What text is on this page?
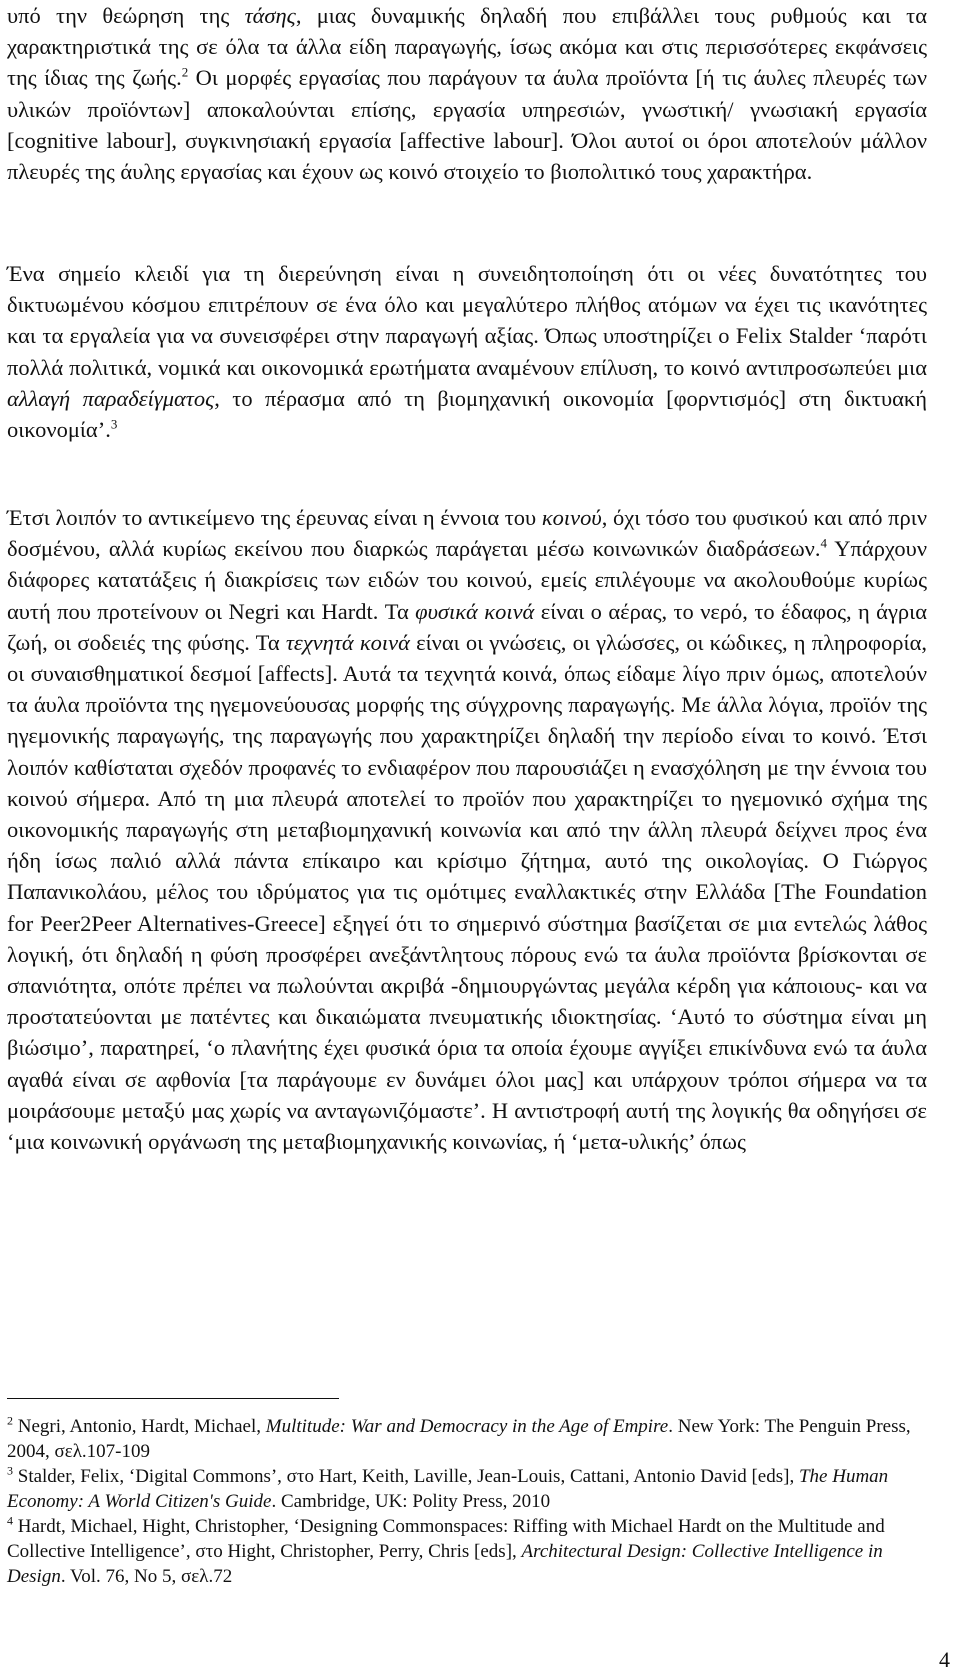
υπό την θεώρηση της τάσης, μιας δυναμικής δηλαδή που επιβάλλει τους ρυθμούς και τα χαρακτηριστικά της σε όλα τα άλλα είδη παραγωγής, ίσως ακόμα και στις περισσότερες εκφάνσεις της ίδιας της ζωής.$^2$ Οι μορφές εργασίας που παράγουν τα άυλα προϊόντα [ή τις άυλες πλευρές των υλικών προϊόντων] αποκαλούνται επίσης, εργασία υπηρεσιών, γνωστική/ γνωσιακή εργασία [cognitive labour], συγκινησιακή εργασία [affective labour]. Όλοι αυτοί οι όροι αποτελούν μάλλον πλευρές της άυλης εργασίας και έχουν ως κοινό στοιχείο το βιοπολιτικό τους χαρακτήρα.

Ένα σημείο κλειδί για τη διερεύνηση είναι η συνειδητοποίηση ότι οι νέες δυνατότητες του δικτυωμένου κόσμου επιτρέπουν σε ένα όλο και μεγαλύτερο πλήθος ατόμων να έχει τις ικανότητες και τα εργαλεία για να συνεισφέρει στην παραγωγή αξίας. Όπως υποστηρίζει ο Felix Stalder ‘παρότι πολλά πολιτικά, νομικά και οικονομικά ερωτήματα αναμένουν επίλυση, το κοινό αντιπροσωπεύει μια αλλαγή παραδείγματος, το πέρασμα από τη βιομηχανική οικονομία [φορντισμός] στη δικτυακή οικονομία’.$^3$

Έτσι λοιπόν το αντικείμενο της έρευνας είναι η έννοια του κοινού, όχι τόσο του φυσικού και από πριν δοσμένου, αλλά κυρίως εκείνου που διαρκώς παράγεται μέσω κοινωνικών διαδράσεων.$^4$ Υπάρχουν διάφορες κατατάξεις ή διακρίσεις των ειδών του κοινού, εμείς επιλέγουμε να ακολουθούμε κυρίως αυτή που προτείνουν οι Negri και Hardt. Τα φυσικά κοινά είναι ο αέρας, το νερό, το έδαφος, η άγρια ζωή, οι σοδειές της φύσης. Τα τεχνητά κοινά είναι οι γνώσεις, οι γλώσσες, οι κώδικες, η πληροφορία, οι συναισθηματικοί δεσμοί [affects]. Αυτά τα τεχνητά κοινά, όπως είδαμε λίγο πριν όμως, αποτελούν τα άυλα προϊόντα της ηγεμονεύουσας μορφής της σύγχρονης παραγωγής. Με άλλα λόγια, προϊόν της ηγεμονικής παραγωγής, της παραγωγής που χαρακτηρίζει δηλαδή την περίοδο είναι το κοινό. Έτσι λοιπόν καθίσταται σχεδόν προφανές το ενδιαφέρον που παρουσιάζει η ενασχόληση με την έννοια του κοινού σήμερα. Από τη μια πλευρά αποτελεί το προϊόν που χαρακτηρίζει το ηγεμονικό σχήμα της οικονομικής παραγωγής στη μεταβιομηχανική κοινωνία και από την άλλη πλευρά δείχνει προς ένα ήδη ίσως παλιό αλλά πάντα επίκαιρο και κρίσιμο ζήτημα, αυτό της οικολογίας. Ο Γιώργος Παπανικολάου, μέλος του ιδρύματος για τις ομότιμες εναλλακτικές στην Ελλάδα [The Foundation for Peer2Peer Alternatives-Greece] εξηγεί ότι το σημερινό σύστημα βασίζεται σε μια εντελώς λάθος λογική, ότι δηλαδή η φύση προσφέρει ανεξάντλητους πόρους ενώ τα άυλα προϊόντα βρίσκονται σε σπανιότητα, οπότε πρέπει να πωλούνται ακριβά -δημιουργώντας μεγάλα κέρδη για κάποιους- και να προστατεύονται με πατέντες και δικαιώματα πνευματικής ιδιοκτησίας. ‘Αυτό το σύστημα είναι μη βιώσιμο’, παρατηρεί, ‘ο πλανήτης έχει φυσικά όρια τα οποία έχουμε αγγίξει επικίνδυνα ενώ τα άυλα αγαθά είναι σε αφθονία [τα παράγουμε εν δυνάμει όλοι μας] και υπάρχουν τρόποι σήμερα να τα μοιράσουμε μεταξύ μας χωρίς να ανταγωνιζόμαστε’. Η αντιστροφή αυτή της λογικής θα οδηγήσει σε ‘μια κοινωνική οργάνωση της μεταβιομηχανικής κοινωνίας, ή ‘μετα-υλικής’ όπως

$^2$ Negri, Antonio, Hardt, Michael, Multitude: War and Democracy in the Age of Empire. New York: The Penguin Press, 2004, σελ.107-109

$^3$ Stalder, Felix, ‘Digital Commons’, στο Hart, Keith, Laville, Jean-Louis, Cattani, Antonio David [eds], The Human Economy: A World Citizen's Guide. Cambridge, UK: Polity Press, 2010

$^4$ Hardt, Michael, Hight, Christopher, ‘Designing Commonspaces: Riffing with Michael Hardt on the Multitude and Collective Intelligence’, στο Hight, Christopher, Perry, Chris [eds], Architectural Design: Collective Intelligence in Design. Vol. 76, No 5, σελ.72

4
